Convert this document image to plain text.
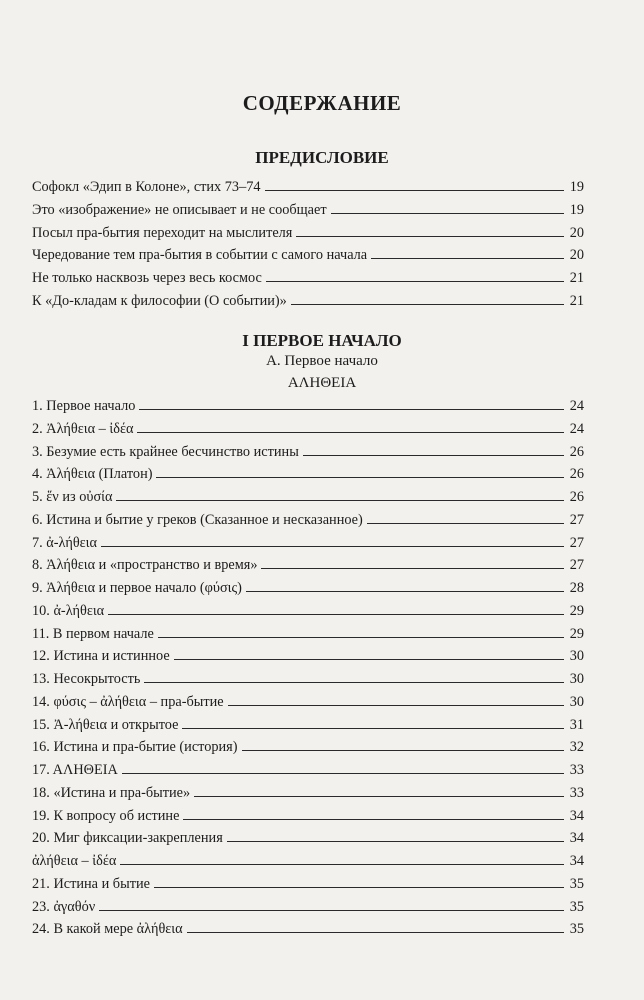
СОДЕРЖАНИЕ
ПРЕДИСЛОВИЕ
Софокл «Эдип в Колоне», стих 73–74	19
Это «изображение» не описывает и не сообщает	19
Посыл пра-бытия переходит на мыслителя	20
Чередование тем пра-бытия в событии с самого начала	20
Не только насквозь через весь космос	21
К «До-кладам к философии (О событии)»	21
I ПЕРВОЕ НАЧАЛО
А. Первое начало
ΑΛΗΘΕΙΑ
1. Первое начало	24
2. Ἀλήθεια – ἰδέα	24
3. Безумие есть крайнее бесчинство истины	26
4. Ἀλήθεια (Платон)	26
5. ἕν из οὐσία	26
6. Истина и бытие у греков (Сказанное и несказанное)	27
7. ἀ-λήθεια	27
8. Ἀλήθεια и «пространство и время»	27
9. Ἀλήθεια и первое начало (φύσις)	28
10. ἀ-λήθεια	29
11. В первом начале	29
12. Истина и истинное	30
13. Несокрытость	30
14. φύσις – ἀλήθεια – пра-бытие	30
15. Ἀ-λήθεια и открытое	31
16. Истина и пра-бытие (история)	32
17. ΑΛΗΘΕΙΑ	33
18. «Истина и пра-бытие»	33
19. К вопросу об истине	34
20. Миг фиксации-закрепления	34
ἀλήθεια – ἰδέα	34
21. Истина и бытие	35
23. ἀγαθόν	35
24. В какой мере ἀλήθεια	35
